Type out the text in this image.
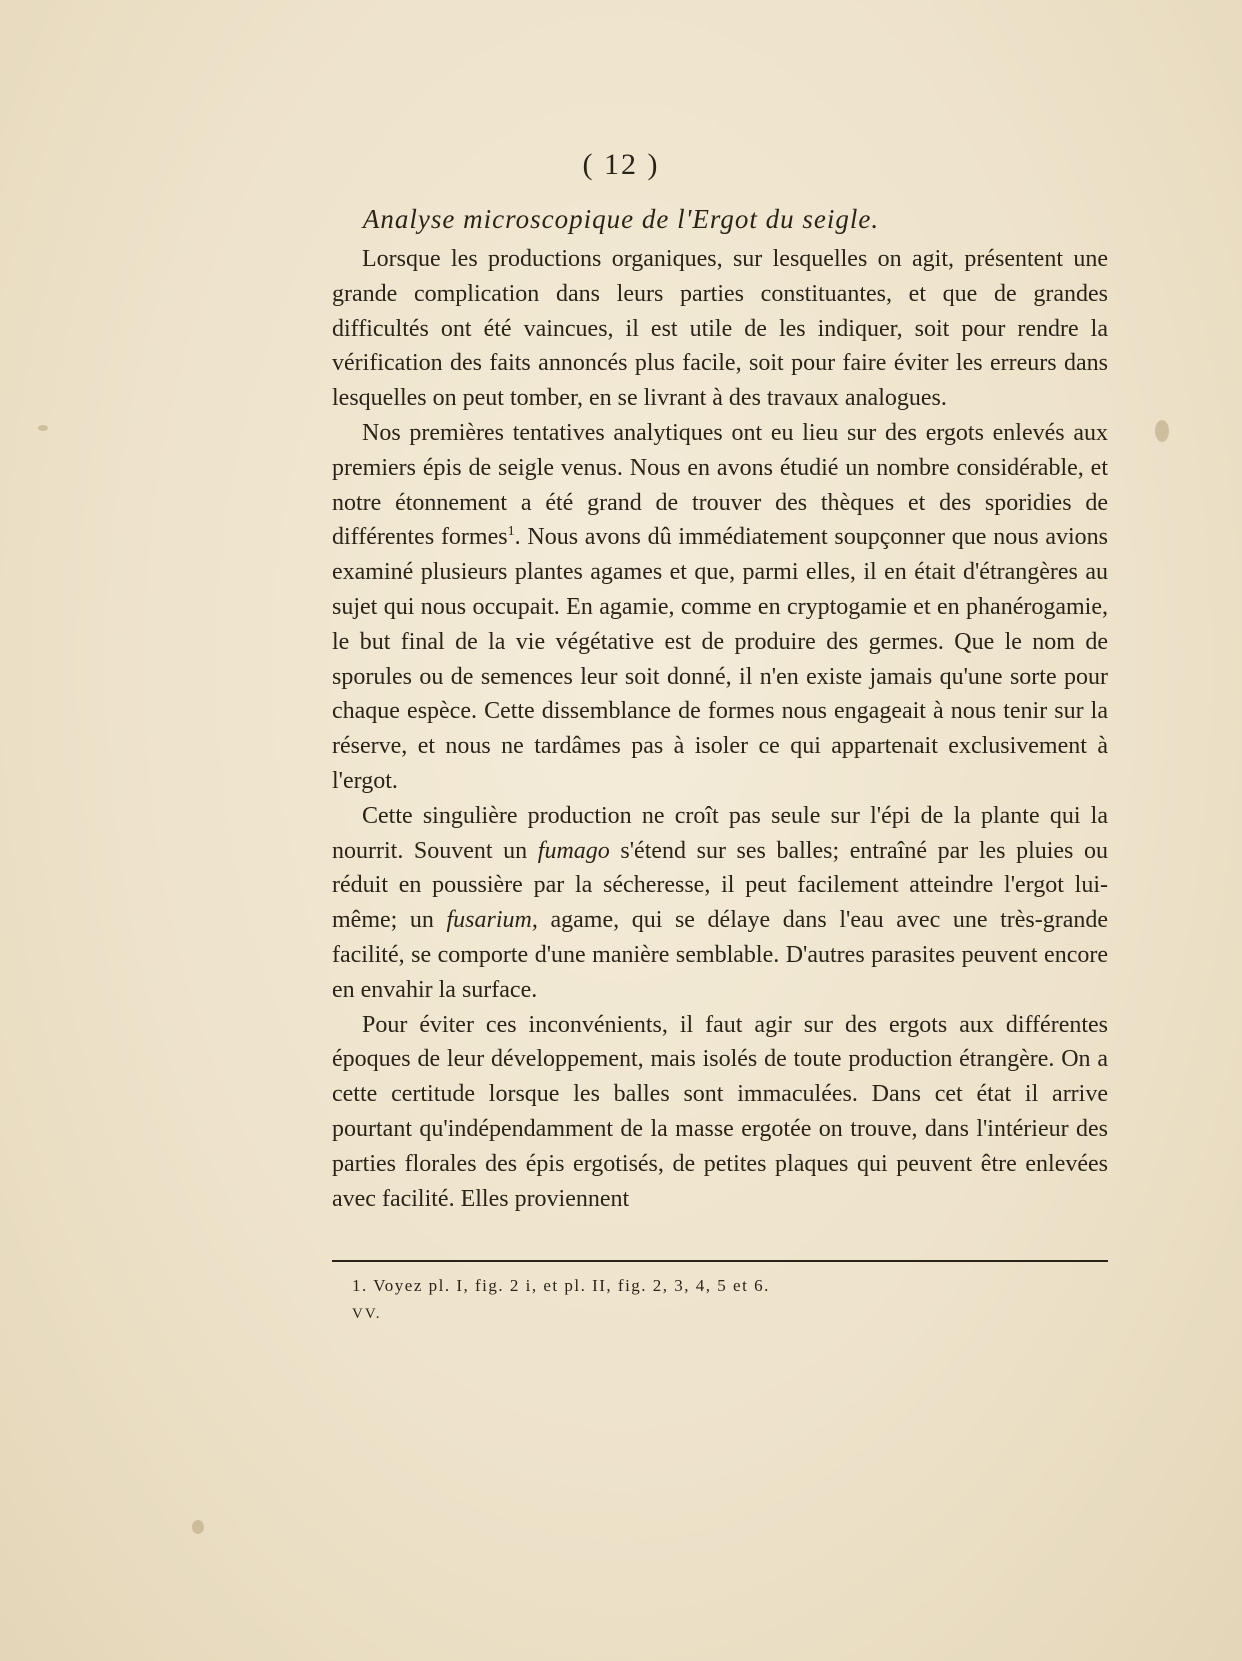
( 12 )
Analyse microscopique de l'Ergot du seigle.

Lorsque les productions organiques, sur lesquelles on agit, présentent une grande complication dans leurs parties constituantes, et que de grandes difficultés ont été vaincues, il est utile de les indiquer, soit pour rendre la vérification des faits annoncés plus facile, soit pour faire éviter les erreurs dans lesquelles on peut tomber, en se livrant à des travaux analogues.

Nos premières tentatives analytiques ont eu lieu sur des ergots enlevés aux premiers épis de seigle venus. Nous en avons étudié un nombre considérable, et notre étonnement a été grand de trouver des thèques et des sporidies de différentes formes$^1$. Nous avons dû immédiatement soupçonner que nous avions examiné plusieurs plantes agames et que, parmi elles, il en était d'étrangères au sujet qui nous occupait. En agamie, comme en cryptogamie et en phanérogamie, le but final de la vie végétative est de produire des germes. Que le nom de sporules ou de semences leur soit donné, il n'en existe jamais qu'une sorte pour chaque espèce. Cette dissemblance de formes nous engageait à nous tenir sur la réserve, et nous ne tardâmes pas à isoler ce qui appartenait exclusivement à l'ergot.

Cette singulière production ne croît pas seule sur l'épi de la plante qui la nourrit. Souvent un fumago s'étend sur ses balles; entraîné par les pluies ou réduit en poussière par la sécheresse, il peut facilement atteindre l'ergot lui-même; un fusarium, agame, qui se délaye dans l'eau avec une très-grande facilité, se comporte d'une manière semblable. D'autres parasites peuvent encore en envahir la surface.

Pour éviter ces inconvénients, il faut agir sur des ergots aux différentes époques de leur développement, mais isolés de toute production étrangère. On a cette certitude lorsque les balles sont immaculées. Dans cet état il arrive pourtant qu'indépendamment de la masse ergotée on trouve, dans l'intérieur des parties florales des épis ergotisés, de petites plaques qui peuvent être enlevées avec facilité. Elles proviennent

1. Voyez pl. I, fig. 2 i, et pl. II, fig. 2, 3, 4, 5 et 6.
VV.
